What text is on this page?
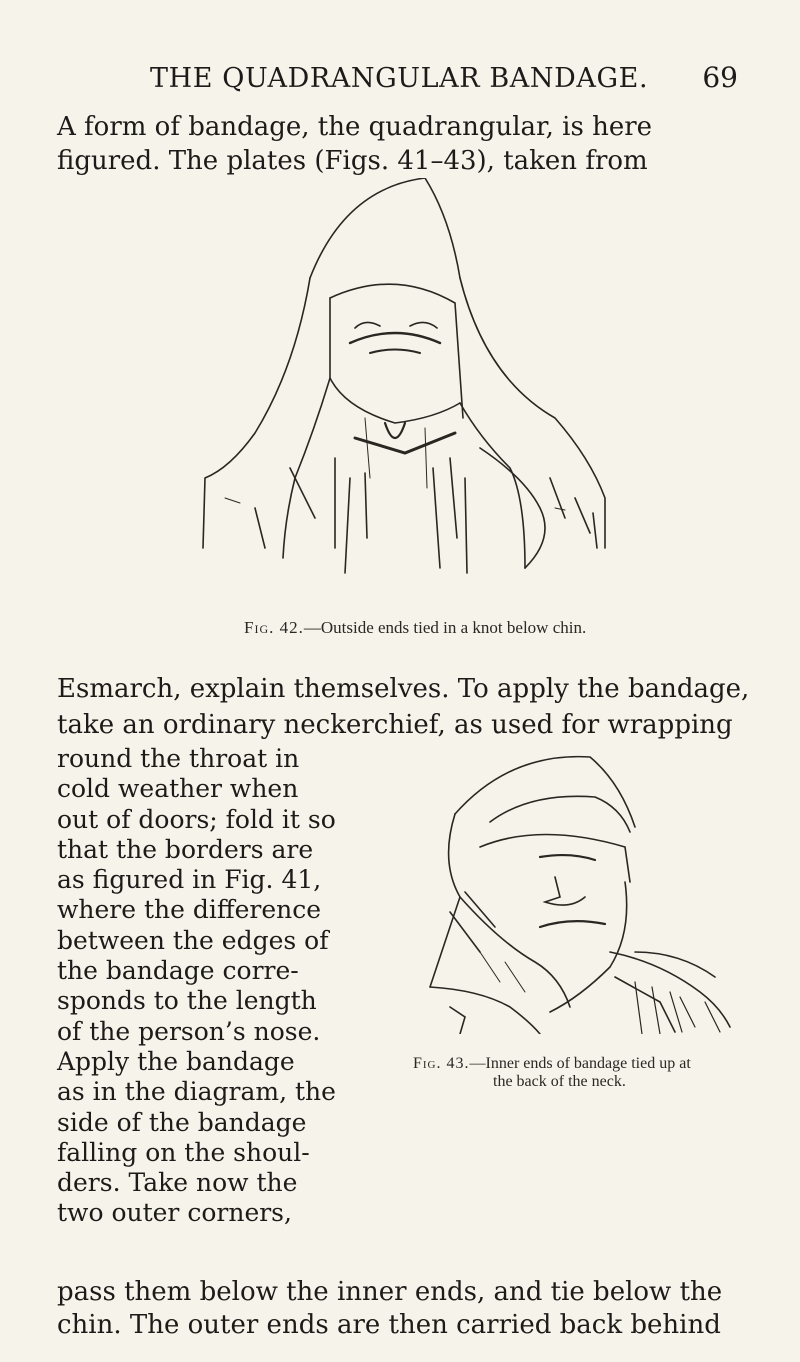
THE QUADRANGULAR BANDAGE. 69
A form of bandage, the quadrangular, is here
figured. The plates (Figs. 41–43), taken from
Fig. 42.—Outside ends tied in a knot below chin.
Esmarch, explain themselves. To apply the bandage,
take an ordinary neckerchief, as used for wrapping
round the throat in
cold weather when
out of doors; fold it so
that the borders are
as figured in Fig. 41,
where the difference
between the edges of
the bandage corre-
sponds to the length
of the person’s nose.
Apply the bandage
as in the diagram, the
side of the bandage
falling on the shoul-
ders. Take now the
two outer corners,
Fig. 43.—Inner ends of bandage tied up at
the back of the neck.
pass them below the inner ends, and tie below the
chin. The outer ends are then carried back behind
